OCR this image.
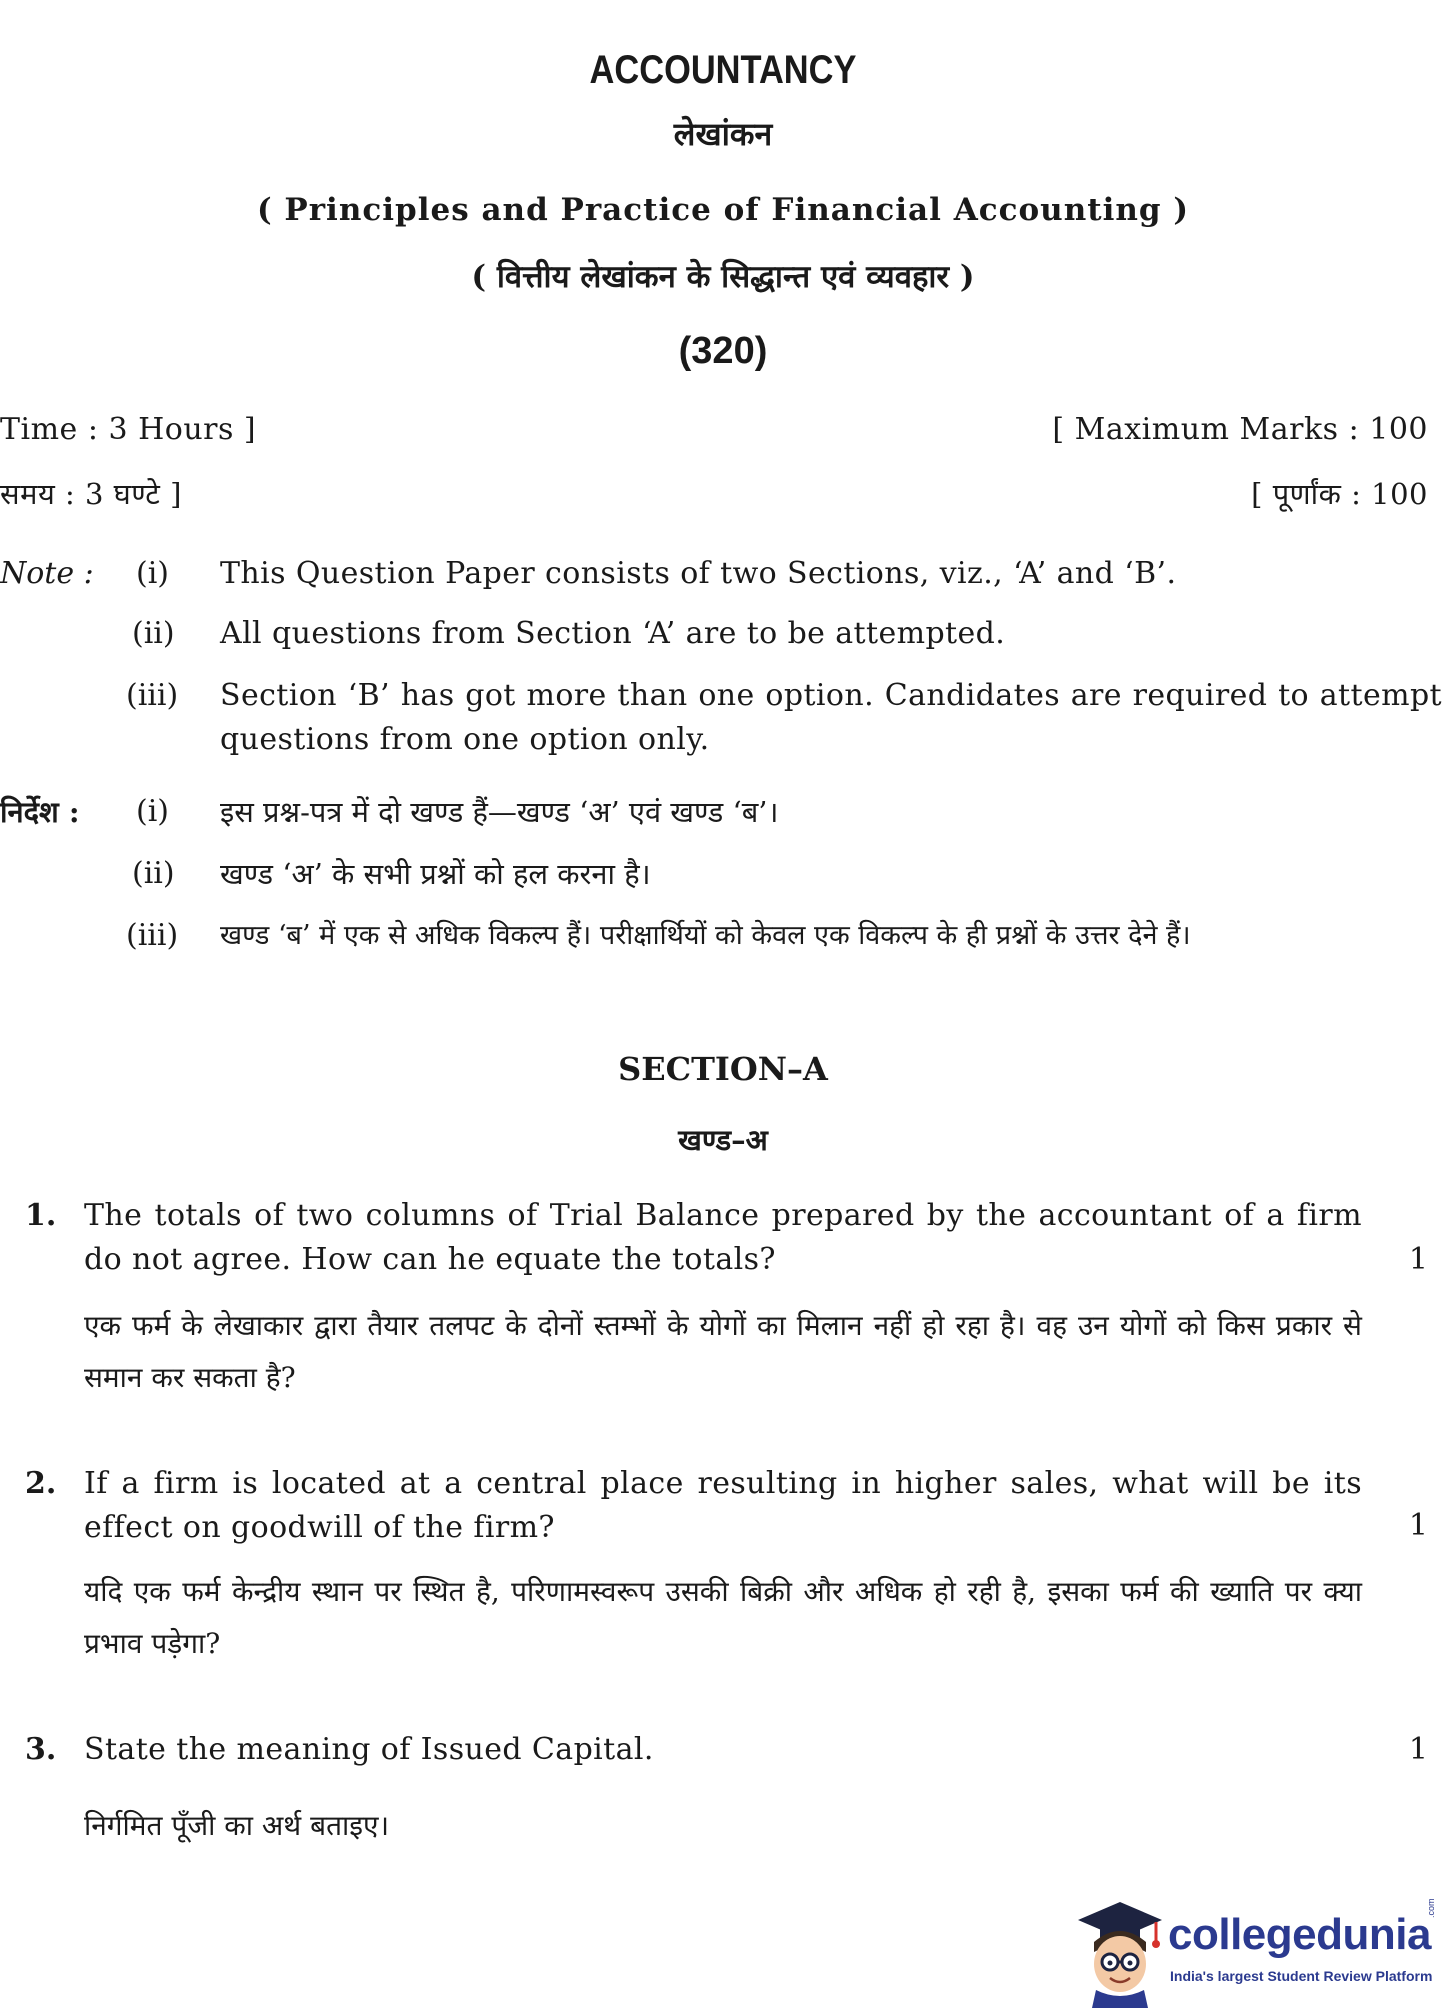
ACCOUNTANCY
लेखांकन
( Principles and Practice of Financial Accounting )
( वित्तीय लेखांकन के सिद्धान्त एवं व्यवहार )
(320)
Time : 3 Hours ]	[ Maximum Marks : 100
समय : 3 घण्टे ]	[ पूर्णांक : 100
Note : (i) This Question Paper consists of two Sections, viz., ‘A’ and ‘B’.
(ii) All questions from Section ‘A’ are to be attempted.
(iii) Section ‘B’ has got more than one option. Candidates are required to attempt questions from one option only.
निर्देश : (i) इस प्रश्न-पत्र में दो खण्ड हैं—खण्ड ‘अ’ एवं खण्ड ‘ब’।
(ii) खण्ड ‘अ’ के सभी प्रश्नों को हल करना है।
(iii) खण्ड ‘ब’ में एक से अधिक विकल्प हैं। परीक्षार्थियों को केवल एक विकल्प के ही प्रश्नों के उत्तर देने हैं।
SECTION–A
खण्ड–अ
1. The totals of two columns of Trial Balance prepared by the accountant of a firm do not agree. How can he equate the totals?	1
एक फर्म के लेखाकार द्वारा तैयार तलपट के दोनों स्तम्भों के योगों का मिलान नहीं हो रहा है। वह उन योगों को किस प्रकार से समान कर सकता है?
2. If a firm is located at a central place resulting in higher sales, what will be its effect on goodwill of the firm?	1
यदि एक फर्म केन्द्रीय स्थान पर स्थित है, परिणामस्वरूप उसकी बिक्री और अधिक हो रही है, इसका फर्म की ख्याति पर क्या प्रभाव पड़ेगा?
3. State the meaning of Issued Capital.	1
निर्गमित पूँजी का अर्थ बताइए।
collegedunia
India's largest Student Review Platform
.com
